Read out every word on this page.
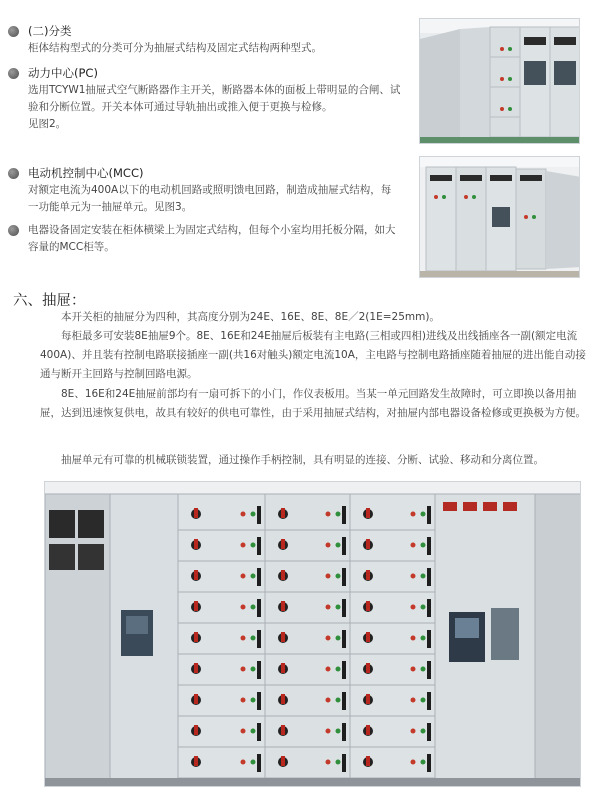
(二)分类
柜体结构型式的分类可分为抽屉式结构及固定式结构两种型式。
动力中心(PC)
选用TCYW1抽屉式空气断路器作主开关，断路器本体的面板上带明显的合闸、试验和分断位置。开关本体可通过导轨抽出或推入便于更换与检修。
见图2。
电动机控制中心(MCC)
对额定电流为400A以下的电动机回路或照明馈电回路，制造成抽屉式结构，每一功能单元为一抽屉单元。见图3。
电器设备固定安装在柜体横梁上为固定式结构，但每个小室均用托板分隔，如大容量的MCC柜等。
六、抽屉：
本开关柜的抽屉分为四种，其高度分别为24E、16E、8E、8E／2(1E=25mm)。
每柜最多可安装8E抽屉9个。8E、16E和24E抽屉后板装有主电路(三相或四相)进线及出线插座各一副(额定电流400A)、并且装有控制电路联接插座一副(共16对触头)额定电流10A，主电路与控制电路插座随着抽屉的进出能自动接通与断开主回路与控制回路电源。
8E、16E和24E抽屉前部均有一扇可拆下的小门，作仪表板用。当某一单元回路发生故障时，可立即换以备用抽屉，达到迅速恢复供电，故具有较好的供电可靠性，由于采用抽屉式结构，对抽屉内部电器设备检修或更换极为方便。
抽屉单元有可靠的机械联锁装置，通过操作手柄控制，具有明显的连接、分断、试验、移动和分离位置。
